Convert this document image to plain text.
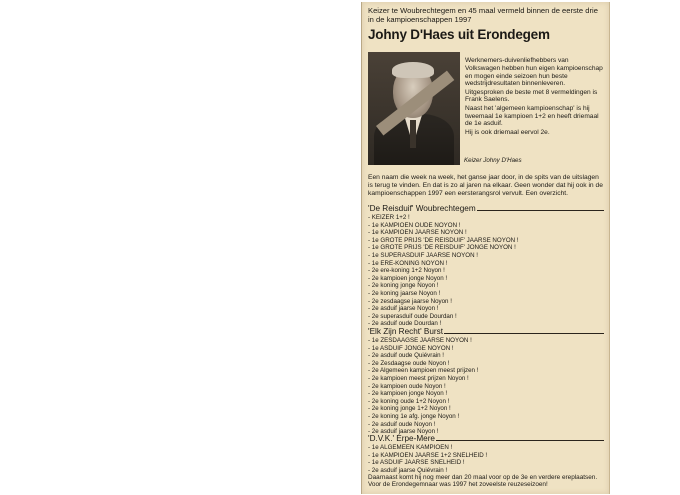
Keizer te Woubrechtegem en 45 maal vermeld binnen de eerste drie in de kampioenschappen 1997
Johny D'Haes uit Erondegem
Keizer Johny D'Haes

Werknemers-duivenliefhebbers van Volkswagen hebben hun eigen kampioenschap en mogen einde seizoen hun beste wedstrijdresultaten binnenleveren.

Uitgesproken de beste met 8 vermeldingen is Frank Saelens.

Naast het 'algemeen kampioenschap' is hij tweemaal 1e kampioen 1+2 en heeft driemaal de 1e asduif.

Hij is ook driemaal eervol 2e.

Een naam die week na week, het ganse jaar door, in de spits van de uitslagen is terug te vinden. En dat is zo al jaren na elkaar. Geen wonder dat hij ook in de kampioenschappen 1997 een eersterangsrol vervult. Een overzicht.
'De Reisduif' Woubrechtegem
- KEIZER 1+2 !
- 1e KAMPIOEN OUDE NOYON !
- 1e KAMPIOEN JAARSE NOYON !
- 1e GROTE PRIJS 'DE REISDUIF' JAARSE NOYON !
- 1e GROTE PRIJS 'DE REISDUIF' JONGE NOYON !
- 1e SUPERASDUIF JAARSE NOYON !
- 1e ERE-KONING NOYON !
- 2e ere-koning 1+2 Noyon !
- 2e kampioen jonge Noyon !
- 2e koning jonge Noyon !
- 2e koning jaarse Noyon !
- 2e zesdaagse jaarse Noyon !
- 2e asduif jaarse Noyon !
- 2e superasduif oude Dourdan !
- 2e asduif oude Dourdan !
'Elk Zijn Recht' Burst
- 1e ZESDAAGSE JAARSE NOYON !
- 1e ASDUIF JONGE NOYON !
- 2e asduif oude Quiévrain !
- 2e Zesdaagse oude Noyon !
- 2e Algemeen kampioen meest prijzen !
- 2e kampioen meest prijzen Noyon !
- 2e kampioen oude Noyon !
- 2e kampioen jonge Noyon !
- 2e koning oude 1+2 Noyon !
- 2e koning jonge 1+2 Noyon !
- 2e koning 1e afg. jonge Noyon !
- 2e asduif oude Noyon !
- 2e asduif jaarse Noyon !
'D.V.K.' Erpe-Mere
- 1e ALGEMEEN KAMPIOEN !
- 1e KAMPIOEN JAARSE 1+2 SNELHEID !
- 1e ASDUIF JAARSE SNELHEID !
- 2e asduif jaarse Quiévrain !
Daarnaast komt hij nog meer dan 20 maal voor op de 3e en verdere ereplaatsen. Voor de Erondegemnaar was 1997 het zoveelste reuzeseizoen!
